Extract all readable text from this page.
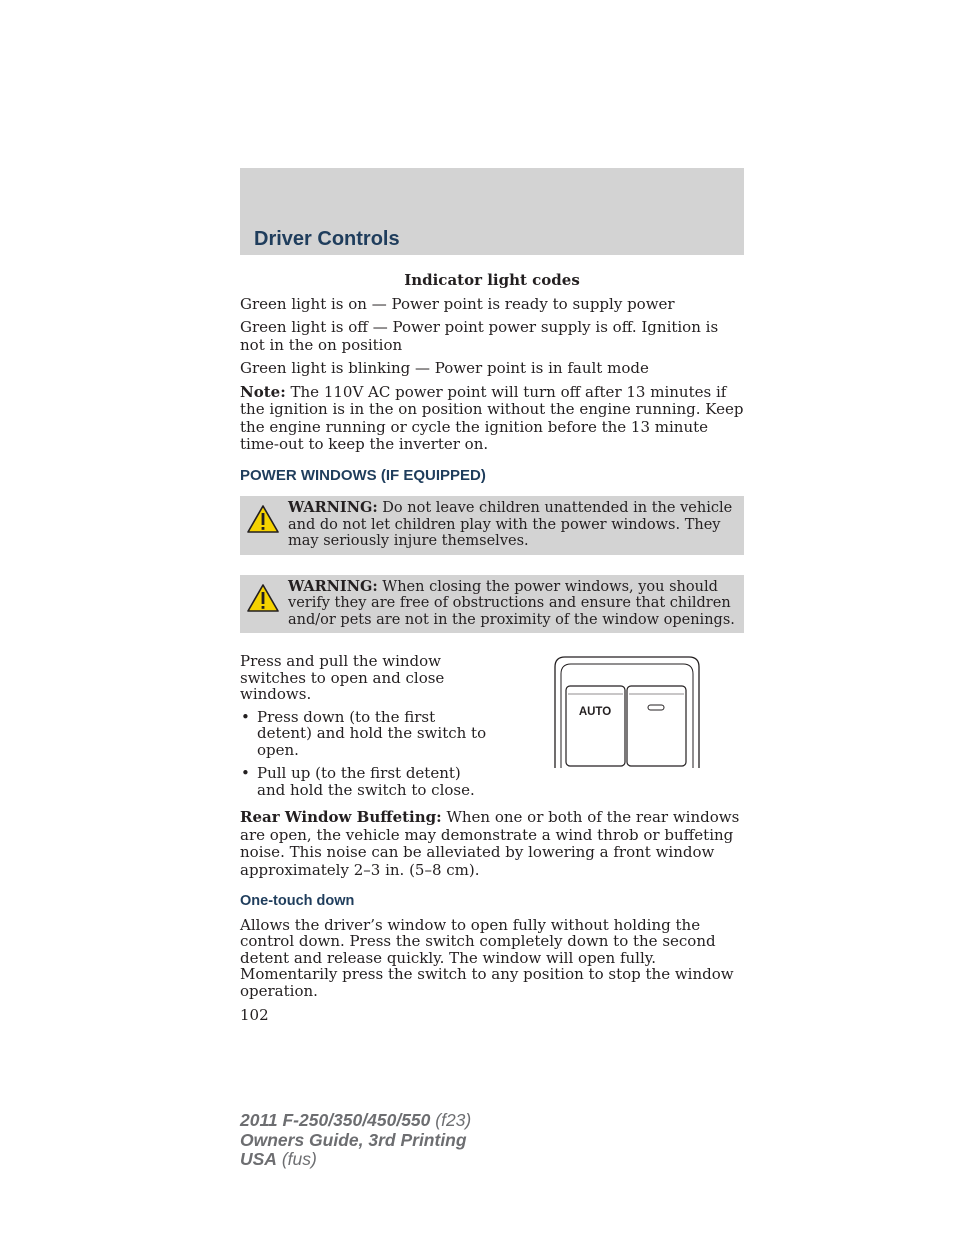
Driver Controls

Indicator light codes

Green light is on — Power point is ready to supply power

Green light is off — Power point power supply is off. Ignition is not in the on position

Green light is blinking — Power point is in fault mode

Note: The 110V AC power point will turn off after 13 minutes if the ignition is in the on position without the engine running. Keep the engine running or cycle the ignition before the 13 minute time-out to keep the inverter on.

POWER WINDOWS (IF EQUIPPED)
WARNING: Do not leave children unattended in the vehicle and do not let children play with the power windows. They may seriously injure themselves.
WARNING: When closing the power windows, you should verify they are free of obstructions and ensure that children and/or pets are not in the proximity of the window openings.

Press and pull the window switches to open and close windows.

• Press down (to the first detent) and hold the switch to open.
• Pull up (to the first detent) and hold the switch to close.
AUTO

Rear Window Buffeting: When one or both of the rear windows are open, the vehicle may demonstrate a wind throb or buffeting noise. This noise can be alleviated by lowering a front window approximately 2–3 in. (5–8 cm).

One-touch down

Allows the driver’s window to open fully without holding the control down. Press the switch completely down to the second detent and release quickly. The window will open fully. Momentarily press the switch to any position to stop the window operation.

102
2011 F-250/350/450/550 (f23)
Owners Guide, 3rd Printing
USA (fus)
